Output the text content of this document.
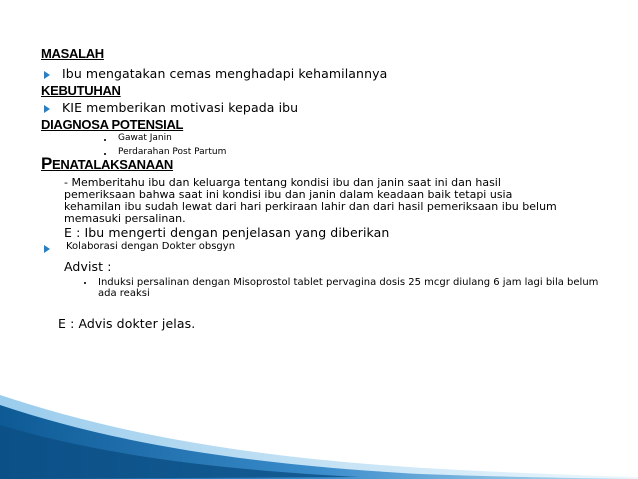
MASALAH
Ibu mengatakan cemas menghadapi kehamilannya
KEBUTUHAN
KIE memberikan motivasi kepada ibu
DIAGNOSA POTENSIAL
Gawat Janin
Perdarahan Post Partum
PENATALAKSANAAN
- Memberitahu ibu dan keluarga tentang kondisi ibu dan janin saat ini dan hasil pemeriksaan bahwa saat ini kondisi ibu dan janin dalam keadaan baik tetapi usia kehamilan ibu sudah lewat dari hari perkiraan lahir dan dari hasil pemeriksaan ibu belum memasuki persalinan.
E : Ibu mengerti dengan penjelasan yang diberikan
Kolaborasi dengan Dokter obsgyn
Advist :
Induksi persalinan dengan Misoprostol tablet pervagina dosis 25 mcgr diulang 6 jam lagi bila belum ada reaksi
E : Advis dokter jelas.
